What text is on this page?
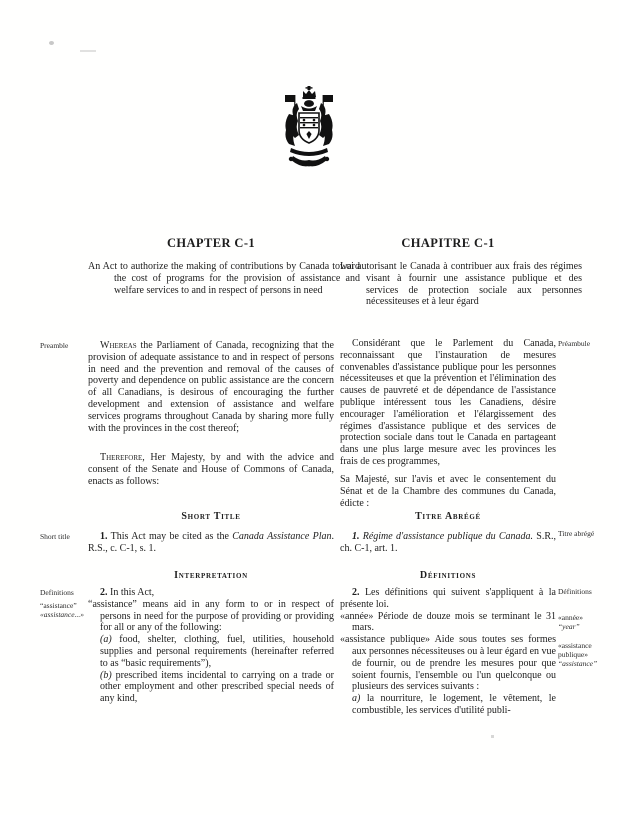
CHAPTER C-1
An Act to authorize the making of contributions by Canada toward the cost of programs for the provision of assistance and welfare services to and in respect of persons in need
Whereas the Parliament of Canada, recognizing that the provision of adequate assistance to and in respect of persons in need and the prevention and removal of the causes of poverty and dependence on public assistance are the concern of all Canadians, is desirous of encouraging the further development and extension of assistance and welfare services programs throughout Canada by sharing more fully with the provinces in the cost thereof;
Therefore, Her Majesty, by and with the advice and consent of the Senate and House of Commons of Canada, enacts as follows:
Short Title
1. This Act may be cited as the Canada Assistance Plan. R.S., c. C-1, s. 1.
Interpretation
2. In this Act,
“assistance” means aid in any form to or in respect of persons in need for the purpose of providing or providing for all or any of the following:
(a) food, shelter, clothing, fuel, utilities, household supplies and personal requirements (hereinafter referred to as “basic requirements”),
(b) prescribed items incidental to carrying on a trade or other employment and other prescribed special needs of any kind,
CHAPITRE C-1
Loi autorisant le Canada à contribuer aux frais des régimes visant à fournir une assistance publique et des services de protection sociale aux personnes nécessiteuses et à leur égard
Considérant que le Parlement du Canada, reconnaissant que l'instauration de mesures convenables d'assistance publique pour les personnes nécessiteuses et que la prévention et l'élimination des causes de pauvreté et de dépendance de l'assistance publique intéressent tous les Canadiens, désire encourager l'amélioration et l'élargissement des régimes d'assistance publique et des services de protection sociale dans tout le Canada en partageant dans une plus large mesure avec les provinces les frais de ces programmes,
Sa Majesté, sur l'avis et avec le consentement du Sénat et de la Chambre des communes du Canada, édicte :
Titre Abrégé
1. Régime d'assistance publique du Canada. S.R., ch. C-1, art. 1.
Définitions
2. Les définitions qui suivent s'appliquent à la présente loi.
«année» Période de douze mois se terminant le 31 mars.
«assistance publique» Aide sous toutes ses formes aux personnes nécessiteuses ou à leur égard en vue de fournir, ou de prendre les mesures pour que soient fournis, l'ensemble ou l'un quelconque ou plusieurs des services suivants :
a) la nourriture, le logement, le vêtement, le combustible, les services d'utilité publi-
Preamble
Short title
Definitions
“assistance”
«assistance...»
Préambule
Titre abrégé
Définitions
«année»
“year”
«assistance publique»
“assistance”
